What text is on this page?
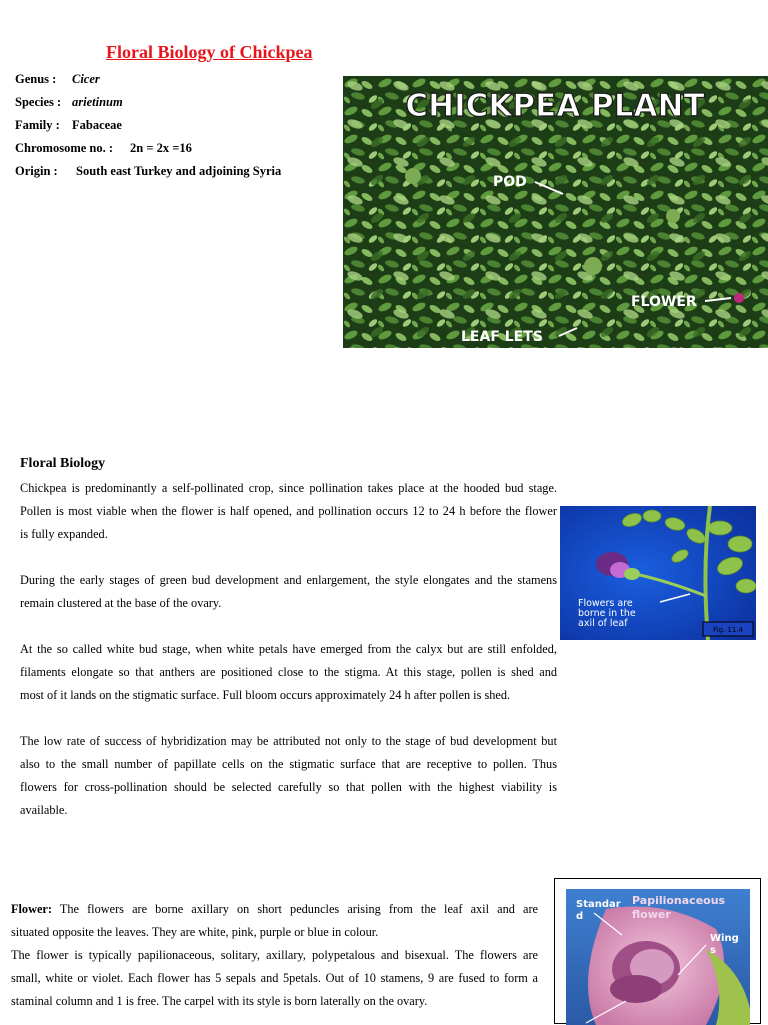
Floral Biology of Chickpea
Genus : Cicer
Species : arietinum
Family : Fabaceae
Chromosome no. : 2n = 2x =16
Origin : South east Turkey and adjoining Syria
CHICKPEA PLANT
POD
FLOWER
LEAF LETS
Floral Biology
Chickpea is predominantly a self-pollinated crop, since pollination takes place at the hooded bud stage.
Pollen is most viable when the flower is half opened, and pollination occurs 12 to 24 h before the flower
is fully expanded.
During the early stages of green bud development and enlargement, the style elongates and the stamens
remain clustered at the base of the ovary.
At the so called white bud stage, when white petals have emerged from the calyx but are still enfolded,
filaments elongate so that anthers are positioned close to the stigma. At this stage, pollen is shed and
most of it lands on the stigmatic surface. Full bloom occurs approximately 24 h after pollen is shed.
The low rate of success of hybridization may be attributed not only to the stage of bud development but
also to the small number of papillate cells on the stigmatic surface that are receptive to pollen. Thus
flowers for cross-pollination should be selected carefully so that pollen with the highest viability is
available.
Flowers are
borne in the
axil of leaf
Fig. 11.4
Flower: The flowers are borne axillary on short peduncles arising from the leaf axil and are
situated opposite the leaves. They are white, pink, purple or blue in colour.
The flower is typically papilionaceous, solitary, axillary, polypetalous and bisexual. The flowers are
small, white or violet. Each flower has 5 sepals and 5petals. Out of 10 stamens, 9 are fused to form a
staminal column and 1 is free. The carpel with its style is born laterally on the ovary.
Standar
d
Papilionaceous
flower
Wing
s
